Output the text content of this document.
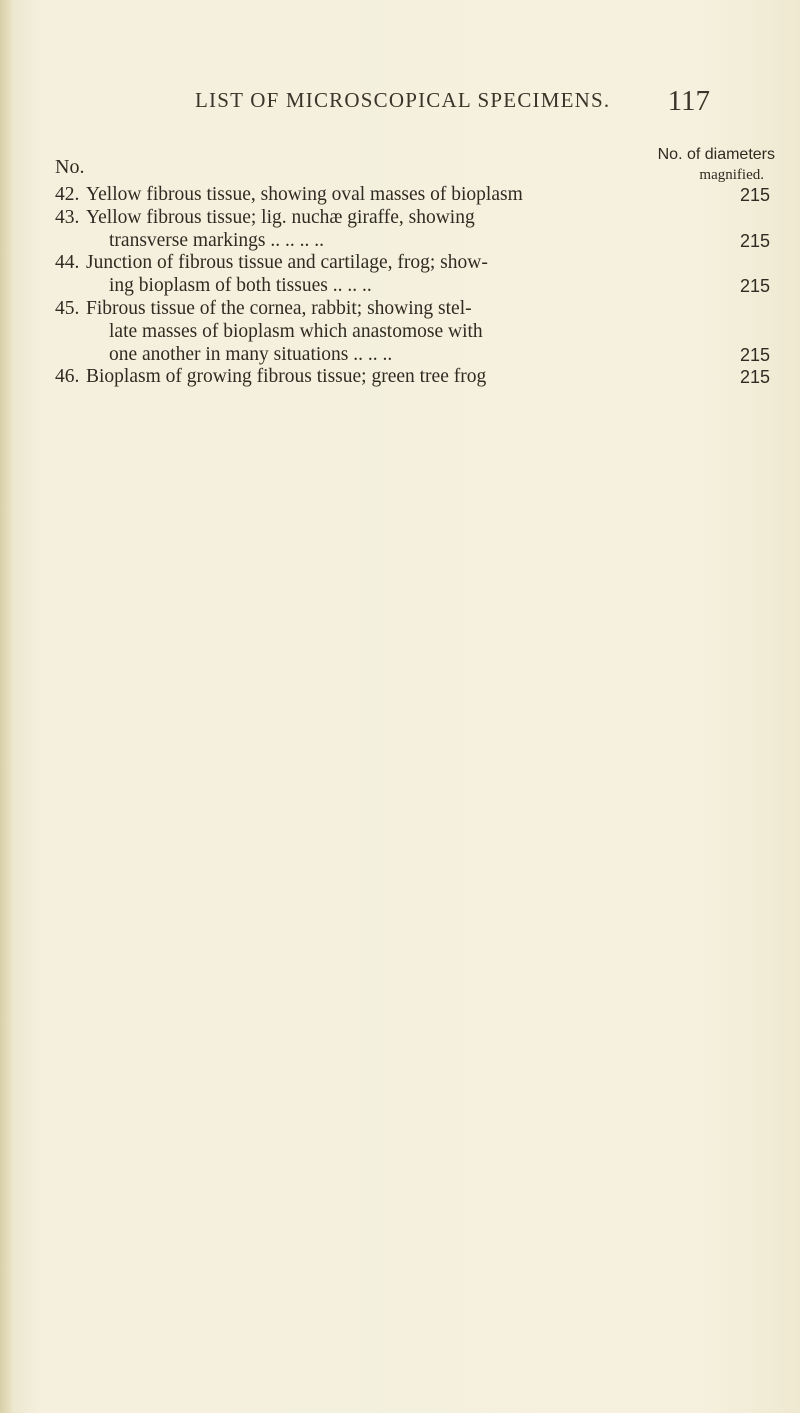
LIST OF MICROSCOPICAL SPECIMENS. 117
No.
No. of diameters
magnified.
42. Yellow fibrous tissue, showing oval masses of bioplasm	215
43. Yellow fibrous tissue; lig. nuchæ giraffe, showing
transverse markings .. .. .. ..	215
44. Junction of fibrous tissue and cartilage, frog; show-
ing bioplasm of both tissues .. .. ..	215
45. Fibrous tissue of the cornea, rabbit; showing stel-
late masses of bioplasm which anastomose with
one another in many situations .. .. ..	215
46. Bioplasm of growing fibrous tissue; green tree frog	215
